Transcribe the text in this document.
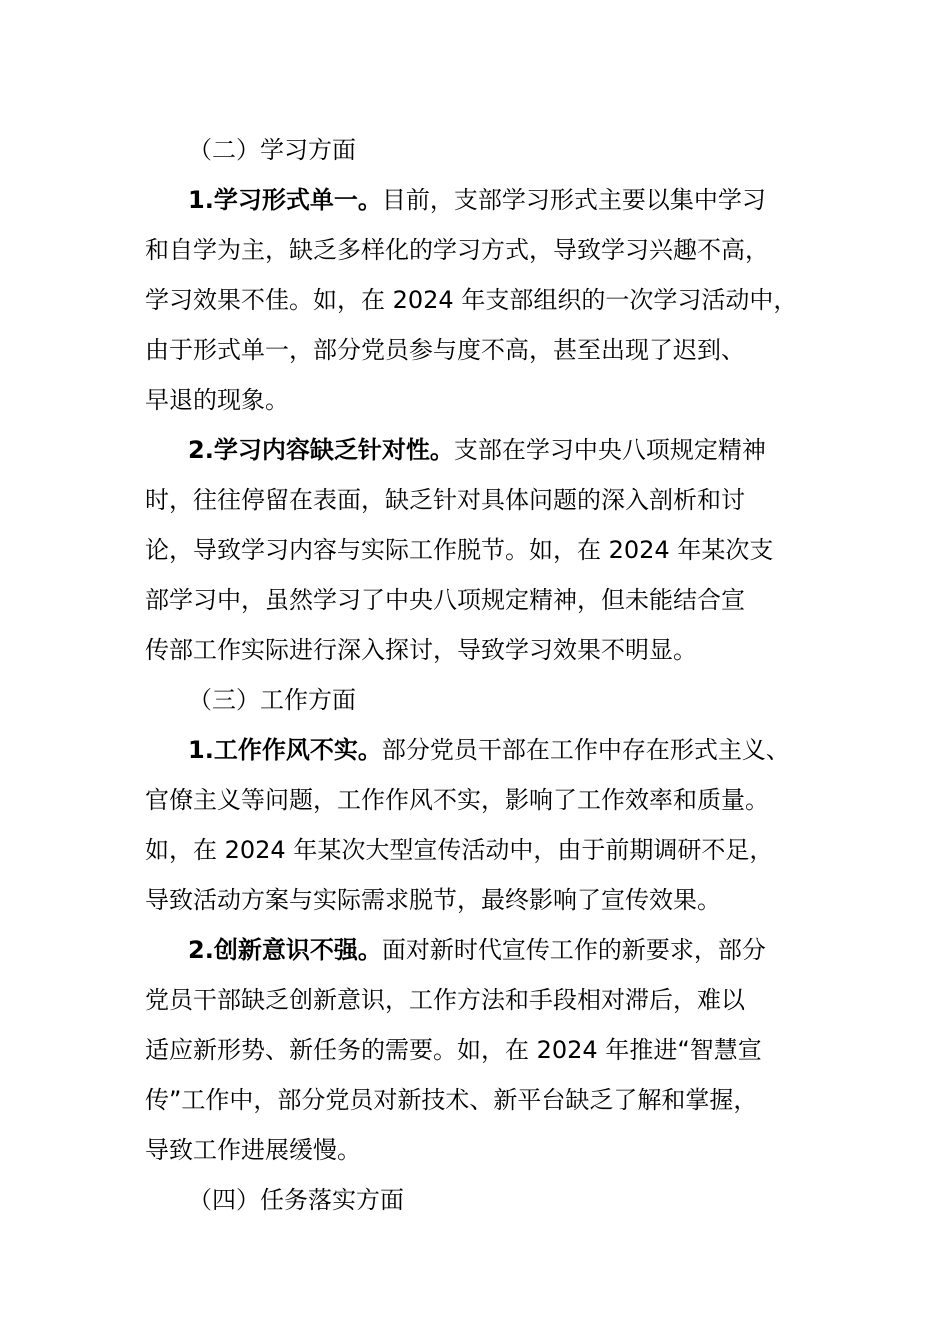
（二）学习方面
1.学习形式单一。目前，支部学习形式主要以集中学习
和自学为主，缺乏多样化的学习方式，导致学习兴趣不高，
学习效果不佳。如，在 2024 年支部组织的一次学习活动中，
由于形式单一，部分党员参与度不高，甚至出现了迟到、
早退的现象。
2.学习内容缺乏针对性。支部在学习中央八项规定精神
时，往往停留在表面，缺乏针对具体问题的深入剖析和讨
论，导致学习内容与实际工作脱节。如，在 2024 年某次支
部学习中，虽然学习了中央八项规定精神，但未能结合宣
传部工作实际进行深入探讨，导致学习效果不明显。
（三）工作方面
1.工作作风不实。部分党员干部在工作中存在形式主义、
官僚主义等问题，工作作风不实，影响了工作效率和质量。
如，在 2024 年某次大型宣传活动中，由于前期调研不足，
导致活动方案与实际需求脱节，最终影响了宣传效果。
2.创新意识不强。面对新时代宣传工作的新要求，部分
党员干部缺乏创新意识，工作方法和手段相对滞后，难以
适应新形势、新任务的需要。如，在 2024 年推进“智慧宣
传”工作中，部分党员对新技术、新平台缺乏了解和掌握，
导致工作进展缓慢。
（四）任务落实方面
